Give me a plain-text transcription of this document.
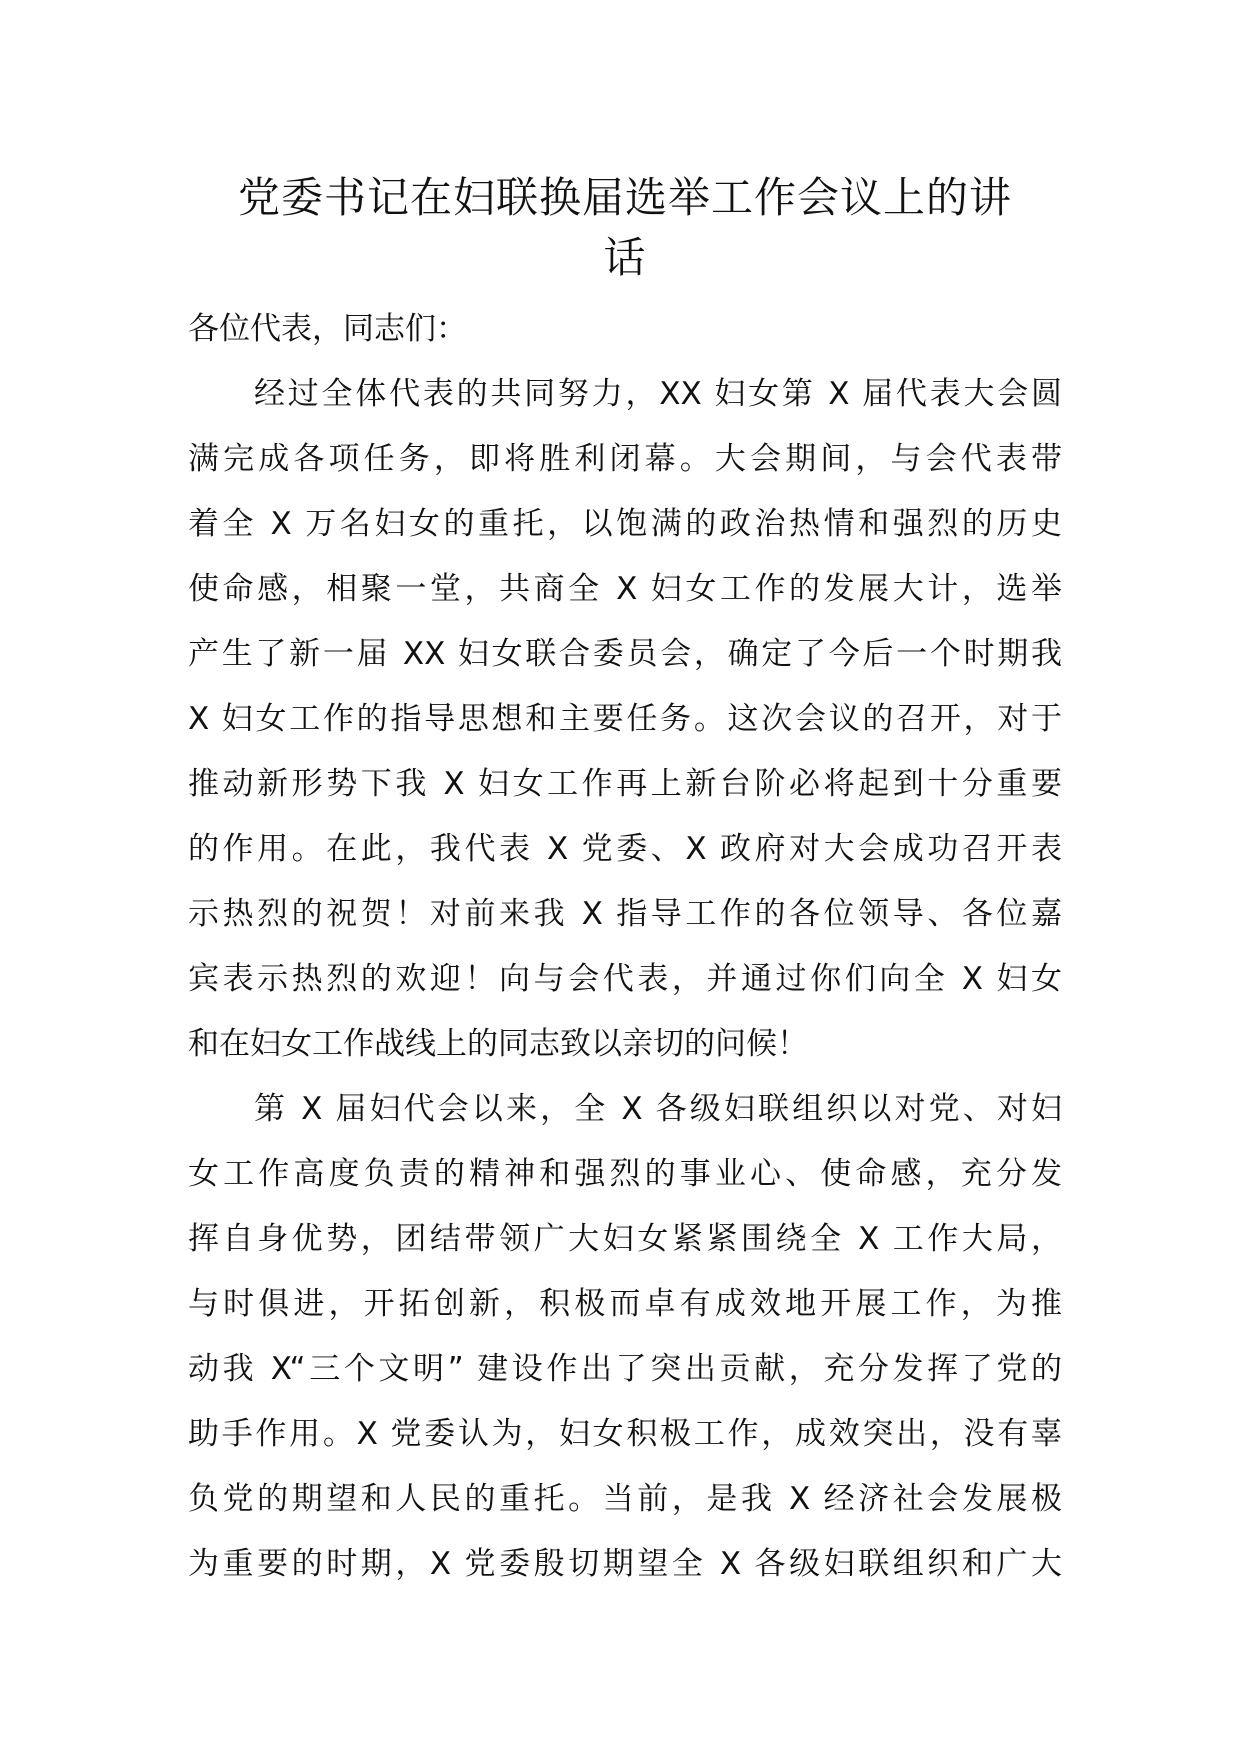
党委书记在妇联换届选举工作会议上的讲
话
各位代表，同志们：
经过全体代表的共同努力，XX 妇女第 X 届代表大会圆
满完成各项任务，即将胜利闭幕。大会期间，与会代表带
着全 X 万名妇女的重托，以饱满的政治热情和强烈的历史
使命感，相聚一堂，共商全 X 妇女工作的发展大计，选举
产生了新一届 XX 妇女联合委员会，确定了今后一个时期我
X 妇女工作的指导思想和主要任务。这次会议的召开，对于
推动新形势下我 X 妇女工作再上新台阶必将起到十分重要
的作用。在此，我代表 X 党委、X 政府对大会成功召开表
示热烈的祝贺！对前来我 X 指导工作的各位领导、各位嘉
宾表示热烈的欢迎！向与会代表，并通过你们向全 X 妇女
和在妇女工作战线上的同志致以亲切的问候！
第 X 届妇代会以来，全 X 各级妇联组织以对党、对妇
女工作高度负责的精神和强烈的事业心、使命感，充分发
挥自身优势，团结带领广大妇女紧紧围绕全 X 工作大局，
与时俱进，开拓创新，积极而卓有成效地开展工作，为推
动我 X“三个文明” 建设作出了突出贡献，充分发挥了党的
助手作用。X 党委认为，妇女积极工作，成效突出，没有辜
负党的期望和人民的重托。当前，是我 X 经济社会发展极
为重要的时期，X 党委殷切期望全 X 各级妇联组织和广大
